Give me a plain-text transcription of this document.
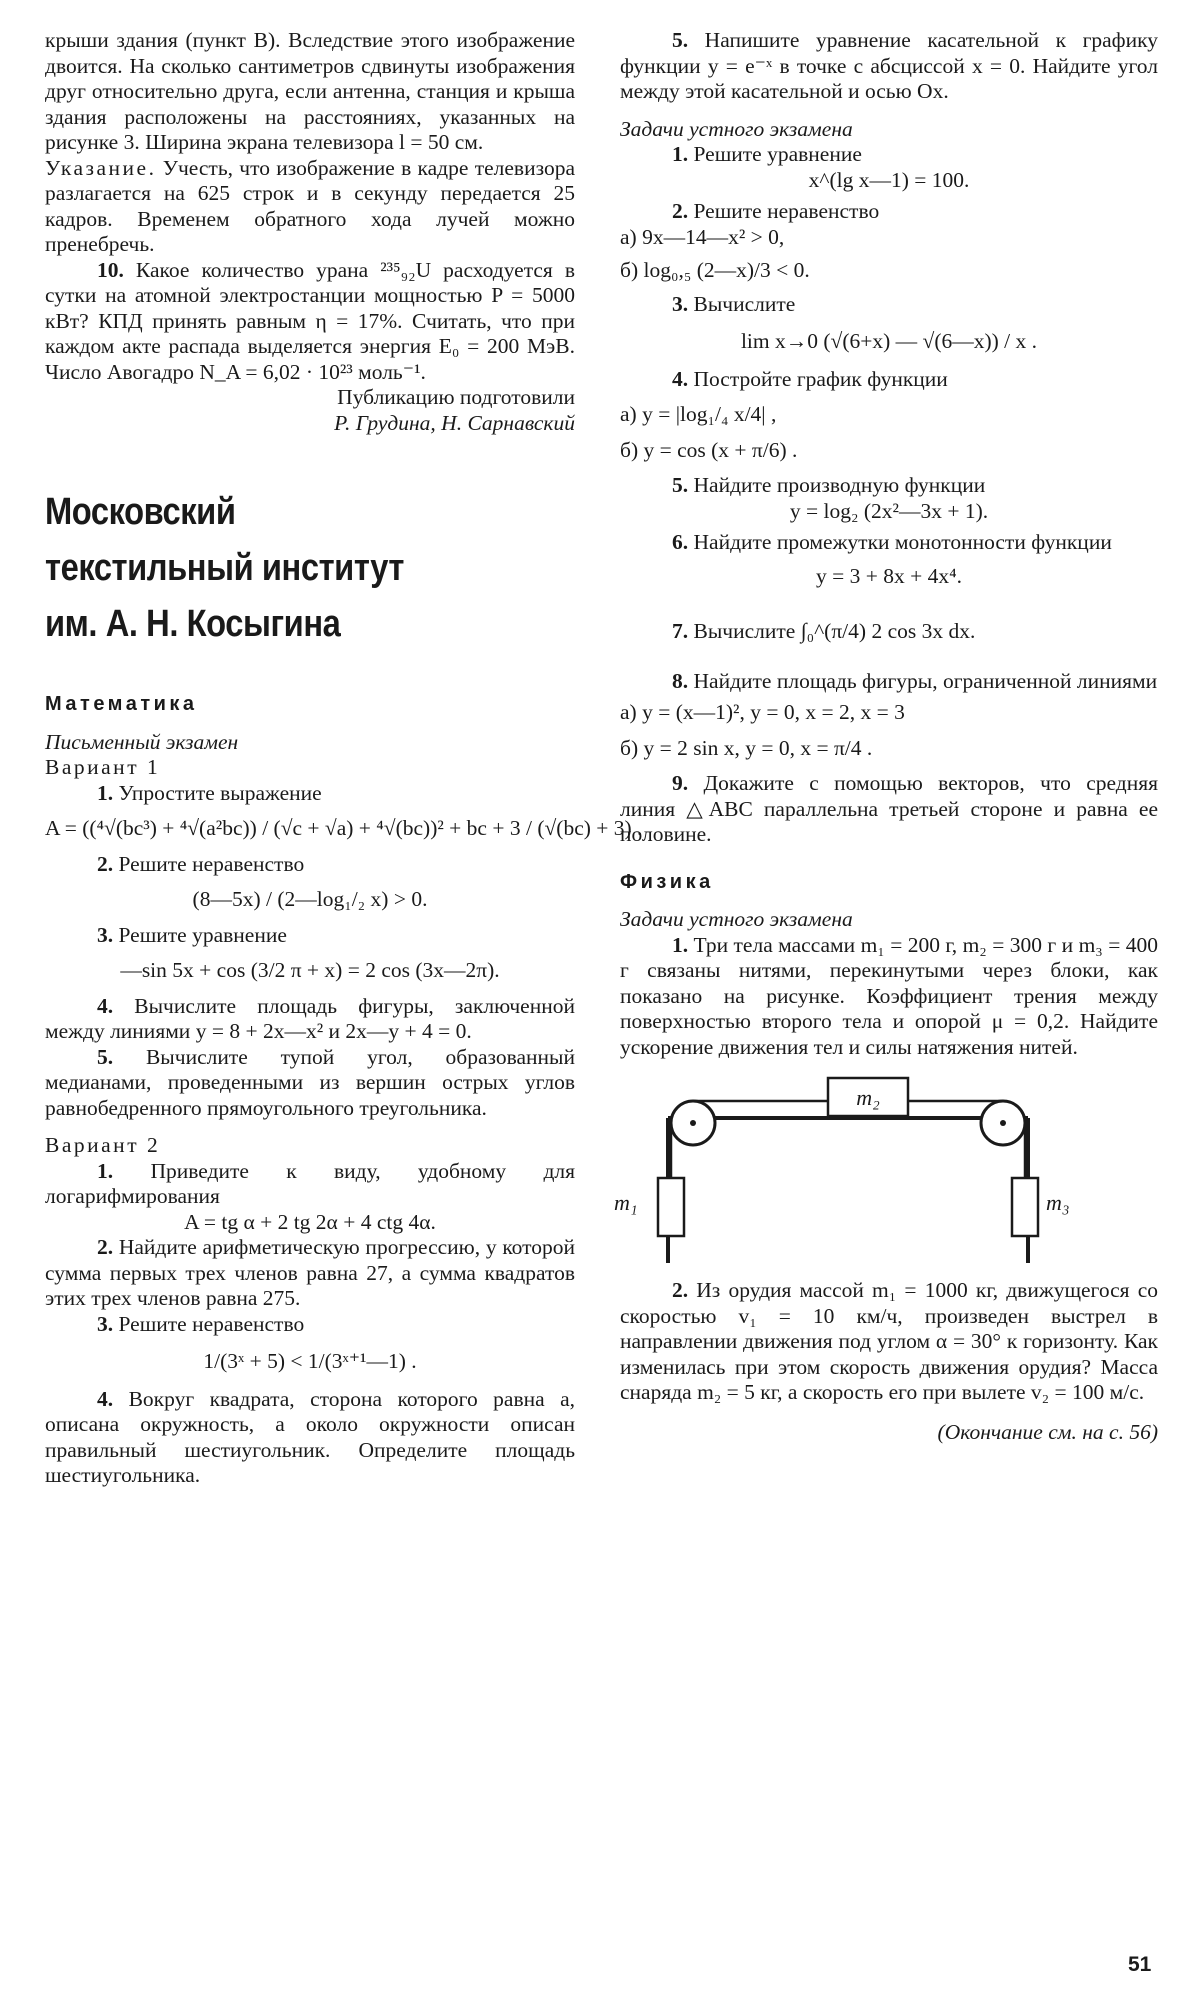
крыши здания (пункт B). Вследствие этого изображение двоится. На сколько сантиметров сдвинуты изображения друг относительно друга, если антенна, станция и крыша здания расположены на расстояниях, указанных на рисунке 3. Ширина экрана телевизора l = 50 см.

Указание. Учесть, что изображение в кадре телевизора разлагается на 625 строк и в секунду передается 25 кадров. Временем обратного хода лучей можно пренебречь.

10. Какое количество урана ²³⁵₉₂U расходуется в сутки на атомной электростанции мощностью P = 5000 кВт? КПД принять равным η = 17%. Считать, что при каждом акте распада выделяется энергия E₀ = 200 МэВ. Число Авогадро N_A = 6,02 · 10²³ моль⁻¹.

Публикацию подготовили

Р. Грудина, Н. Сарнавский

Московский
текстильный институт
им. А. Н. Косыгина

Математика

Письменный экзамен

Вариант 1

1. Упростите выражение

A = ((⁴√(bc³) + ⁴√(a²bc)) / (√c + √a) + ⁴√(bc))² + bc + 3 / (√(bc) + 3) .

2. Решите неравенство

(8—5x) / (2—log₁/₂ x) > 0.

3. Решите уравнение

—sin 5x + cos (3/2 π + x) = 2 cos (3x—2π).

4. Вычислите площадь фигуры, заключенной между линиями y = 8 + 2x—x² и 2x—y + 4 = 0.

5. Вычислите тупой угол, образованный медианами, проведенными из вершин острых углов равнобедренного прямоугольного треугольника.

Вариант 2

1. Приведите к виду, удобному для логарифмирования

A = tg α + 2 tg 2α + 4 ctg 4α.

2. Найдите арифметическую прогрессию, у которой сумма первых трех членов равна 27, а сумма квадратов этих трех членов равна 275.

3. Решите неравенство

1/(3ˣ + 5) < 1/(3ˣ⁺¹—1) .

4. Вокруг квадрата, сторона которого равна a, описана окружность, а около окружности описан правильный шестиугольник. Определите площадь шестиугольника.

5. Напишите уравнение касательной к графику функции y = e⁻ˣ в точке с абсциссой x = 0. Найдите угол между этой касательной и осью Ox.

Задачи устного экзамена

1. Решите уравнение

x^(lg x—1) = 100.

2. Решите неравенство

а) 9x—14—x² > 0,

б) log₀,₅ (2—x)/3 < 0.

3. Вычислите

lim x→0 (√(6+x) — √(6—x)) / x .

4. Постройте график функции

а) y = |log₁/₄ x/4| ,

б) y = cos (x + π/6) .

5. Найдите производную функции

y = log₂ (2x²—3x + 1).

6. Найдите промежутки монотонности функции

y = 3 + 8x + 4x⁴.

7. Вычислите ∫₀^(π/4) 2 cos 3x dx.

8. Найдите площадь фигуры, ограниченной линиями

а) y = (x—1)², y = 0, x = 2, x = 3

б) y = 2 sin x, y = 0, x = π/4 .

9. Докажите с помощью векторов, что средняя линия △ABC параллельна третьей стороне и равна ее половине.

Физика

Задачи устного экзамена

1. Три тела массами m₁ = 200 г, m₂ = 300 г и m₃ = 400 г связаны нитями, перекинутыми через блоки, как показано на рисунке. Коэффициент трения между поверхностью второго тела и опорой μ = 0,2. Найдите ускорение движения тел и силы натяжения нитей.

m₂
m₁	m₃

2. Из орудия массой m₁ = 1000 кг, движущегося со скоростью v₁ = 10 км/ч, произведен выстрел в направлении движения под углом α = 30° к горизонту. Как изменилась при этом скорость движения орудия? Масса снаряда m₂ = 5 кг, а скорость его при вылете v₂ = 100 м/с.

(Окончание см. на с. 56)

51
